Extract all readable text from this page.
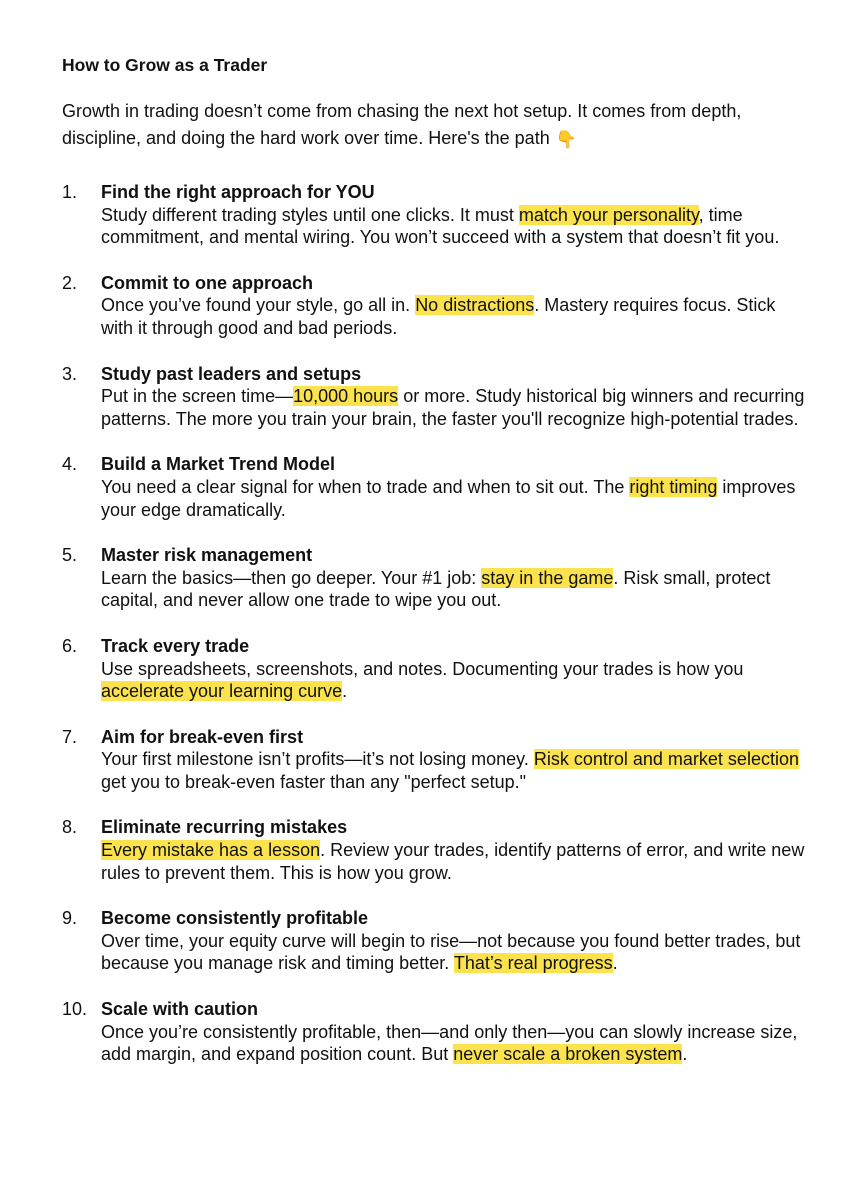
How to Grow as a Trader

Growth in trading doesn’t come from chasing the next hot setup. It comes from depth, discipline, and doing the hard work over time. Here's the path 👇

1. Find the right approach for YOU

Study different trading styles until one clicks. It must match your personality, time commitment, and mental wiring. You won’t succeed with a system that doesn’t fit you.

2. Commit to one approach

Once you’ve found your style, go all in. No distractions. Mastery requires focus. Stick with it through good and bad periods.

3. Study past leaders and setups

Put in the screen time—10,000 hours or more. Study historical big winners and recurring patterns. The more you train your brain, the faster you'll recognize high-potential trades.

4. Build a Market Trend Model

You need a clear signal for when to trade and when to sit out. The right timing improves your edge dramatically.

5. Master risk management

Learn the basics—then go deeper. Your #1 job: stay in the game. Risk small, protect capital, and never allow one trade to wipe you out.

6. Track every trade

Use spreadsheets, screenshots, and notes. Documenting your trades is how you accelerate your learning curve.

7. Aim for break-even first

Your first milestone isn’t profits—it’s not losing money. Risk control and market selection get you to break-even faster than any "perfect setup."

8. Eliminate recurring mistakes

Every mistake has a lesson. Review your trades, identify patterns of error, and write new rules to prevent them. This is how you grow.

9. Become consistently profitable

Over time, your equity curve will begin to rise—not because you found better trades, but because you manage risk and timing better. That’s real progress.

10. Scale with caution

Once you’re consistently profitable, then—and only then—you can slowly increase size, add margin, and expand position count. But never scale a broken system.
